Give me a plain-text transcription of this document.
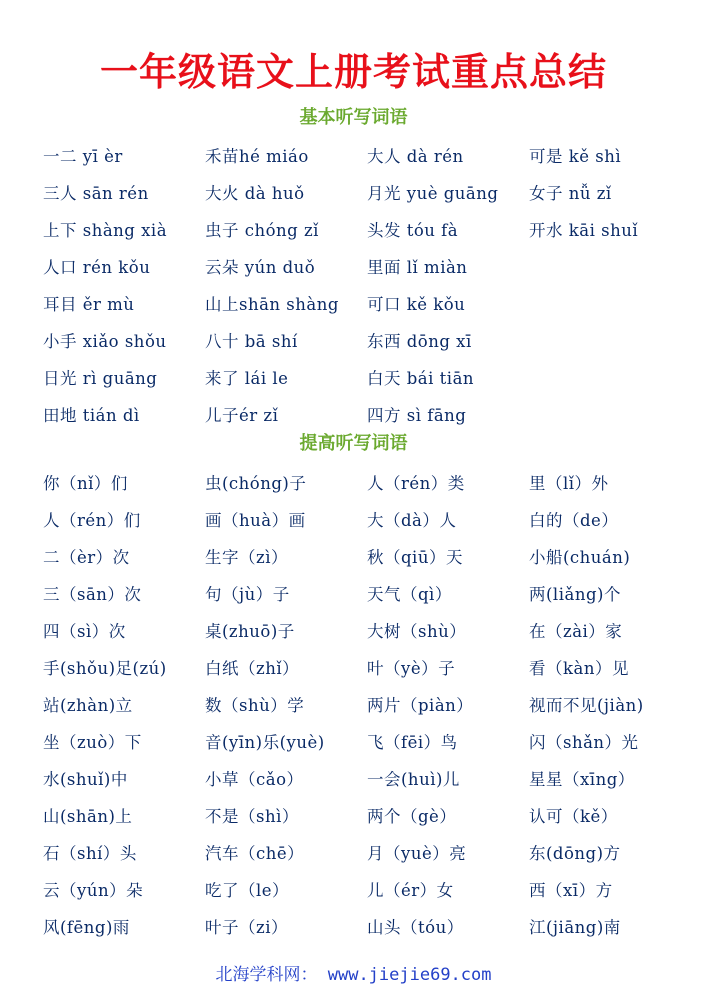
一年级语文上册考试重点总结
基本听写词语
一二 yī èr	禾苗hé miáo	大人 dà rén	可是 kě shì
三人 sān rén	大火 dà huǒ	月光 yuè guāng	女子 nǚ zǐ
上下 shàng xià	虫子 chóng zǐ	头发 tóu fà	开水 kāi shuǐ
人口 rén kǒu	云朵 yún duǒ	里面 lǐ miàn
耳目 ěr mù	山上shān shàng	可口 kě kǒu
小手 xiǎo shǒu	八十 bā shí	东西 dōng xī
日光 rì guāng	来了 lái le	白天 bái tiān
田地 tián dì	儿子ér zǐ	四方 sì fāng
提高听写词语
你（nǐ）们	虫(chóng)子	人（rén）类	里（lǐ）外
人（rén）们	画（huà）画	大（dà）人	白的（de）
二（èr）次	生字（zì）	秋（qiū）天	小船(chuán)
三（sān）次	句（jù）子	天气（qì）	两(liǎng)个
四（sì）次	桌(zhuō)子	大树（shù）	在（zài）家
手(shǒu)足(zú)	白纸（zhǐ）	叶（yè）子	看（kàn）见
站(zhàn)立	数（shù）学	两片（piàn）	视而不见(jiàn)
坐（zuò）下	音(yīn)乐(yuè)	飞（fēi）鸟	闪（shǎn）光
水(shuǐ)中	小草（cǎo）	一会(huì)儿	星星（xīng）
山(shān)上	不是（shì）	两个（gè）	认可（kě）
石（shí）头	汽车（chē）	月（yuè）亮	东(dōng)方
云（yún）朵	吃了（le）	儿（ér）女	西（xī）方
风(fēng)雨	叶子（zi）	山头（tóu）	江(jiāng)南

北海学科网： www.jiejie69.com
